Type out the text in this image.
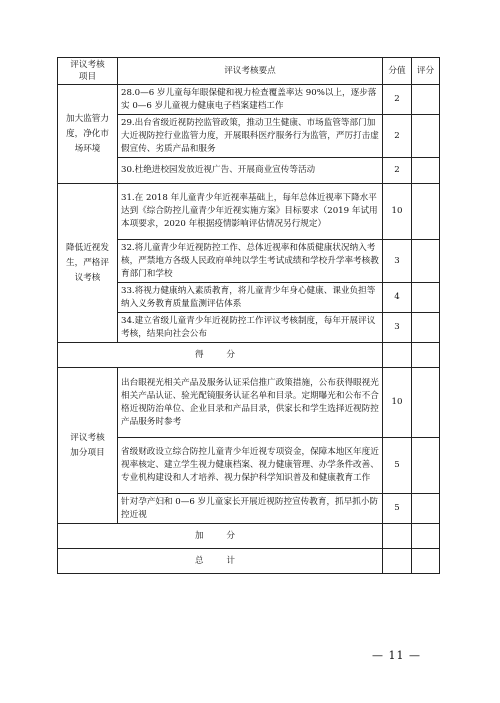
评议考核
项目	评议考核要点	分值	评分
加大监管力
度，净化市
场环境	28.0—6 岁儿童每年眼保健和视力检查覆盖率达 90%以上，逐步落实 0—6 岁儿童视力健康电子档案建档工作	2	
	29.出台省级近视防控监管政策，推动卫生健康、市场监管等部门加大近视防控行业监管力度，开展眼科医疗服务行为监管，严厉打击虚假宣传、劣质产品和服务	2	
	30.杜绝进校园发放近视广告、开展商业宣传等活动	2	
降低近视发
生，严格评
议考核	31.在 2018 年儿童青少年近视率基础上，每年总体近视率下降水平达到《综合防控儿童青少年近视实施方案》目标要求（2019 年试用本项要求，2020 年根据疫情影响评估情况另行规定）	10	
	32.将儿童青少年近视防控工作、总体近视率和体质健康状况纳入考核，严禁地方各级人民政府单纯以学生考试成绩和学校升学率考核教育部门和学校	3	
	33.将视力健康纳入素质教育，将儿童青少年身心健康、课业负担等纳入义务教育质量监测评估体系	4	
	34.建立省级儿童青少年近视防控工作评议考核制度，每年开展评议考核，结果向社会公布	3	
得 分			
评议考核
加分项目	出台眼视光相关产品及服务认证采信推广政策措施，公布获得眼视光相关产品认证、验光配镜服务认证名单和目录。定期曝光和公布不合格近视防治单位、企业目录和产品目录，供家长和学生选择近视防控产品服务时参考	10	
	省级财政设立综合防控儿童青少年近视专项资金，保障本地区年度近视率核定、建立学生视力健康档案、视力健康管理、办学条件改善、专业机构建设和人才培养、视力保护科学知识普及和健康教育工作	5	
	针对孕产妇和 0—6 岁儿童家长开展近视防控宣传教育，抓早抓小防控近视	5	
加 分			
总 计			
— 11 —
